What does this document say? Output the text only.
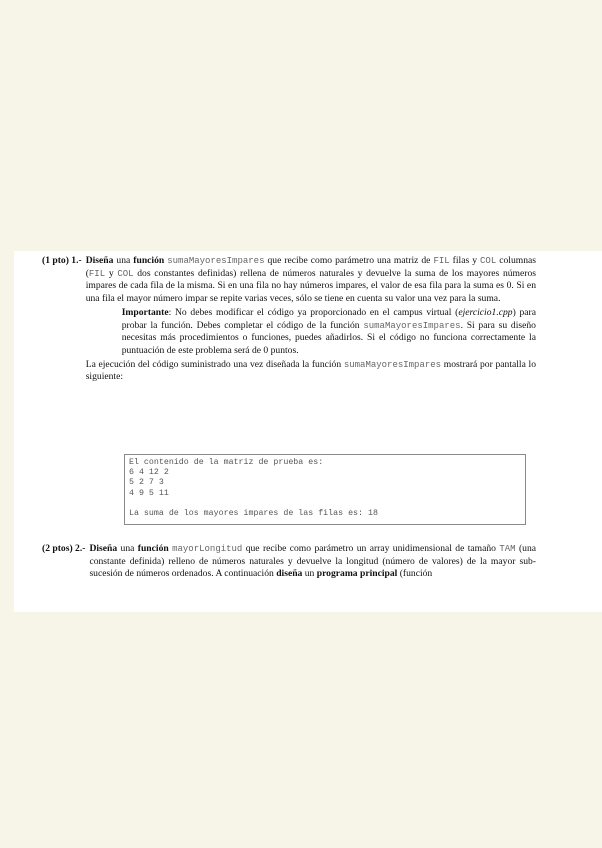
(1 pto) 1.- Diseña una función sumaMayoresImpares que recibe como parámetro una matriz de FIL filas y COL columnas (FIL y COL dos constantes definidas) rellena de números naturales y devuelve la suma de los mayores números impares de cada fila de la misma. Si en una fila no hay números impares, el valor de esa fila para la suma es 0. Si en una fila el mayor número impar se repite varias veces, sólo se tiene en cuenta su valor una vez para la suma.
Importante: No debes modificar el código ya proporcionado en el campus virtual (ejercicio1.cpp) para probar la función. Debes completar el código de la función sumaMayoresImpares. Si para su diseño necesitas más procedimientos o funciones, puedes añadirlos. Si el código no funciona correctamente la puntuación de este problema será de 0 puntos.
La ejecución del código suministrado una vez diseñada la función sumaMayoresImpares mostrará por pantalla lo siguiente:
El contenido de la matriz de prueba es:
6 4 12 2
5 2 7 3
4 9 5 11
La suma de los mayores impares de las filas es: 18
(2 ptos) 2.- Diseña una función mayorLongitud que recibe como parámetro un array unidimensional de tamaño TAM (una constante definida) relleno de números naturales y devuelve la longitud (número de valores) de la mayor sub-sucesión de números ordenados. A continuación diseña un programa principal (función
